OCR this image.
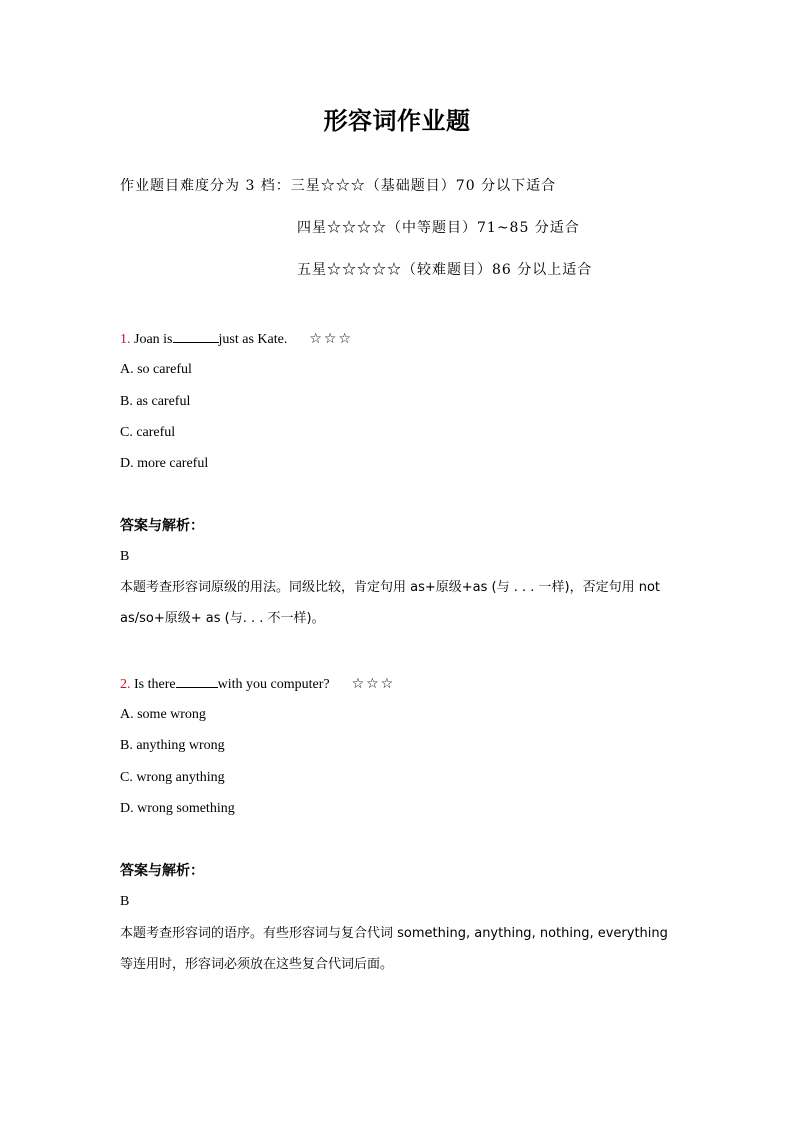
形容词作业题
作业题目难度分为 3 档：三星☆☆☆（基础题目）70 分以下适合
四星☆☆☆☆（中等题目）71~85 分适合
五星☆☆☆☆☆（较难题目）86 分以上适合
1. Joan is	just as Kate. ☆☆☆
A. so careful
B. as careful
C. careful
D. more careful
答案与解析：
B
本题考查形容词原级的用法。同级比较，肯定句用 as+原级+as (与 . . . 一样)，否定句用 not as/so+原级+ as (与. . . 不一样)。
2. Is there	with you computer? ☆☆☆
A. some wrong
B. anything wrong
C. wrong anything
D. wrong something
答案与解析：
B
本题考查形容词的语序。有些形容词与复合代词 something, anything, nothing, everything 等连用时，形容词必须放在这些复合代词后面。
